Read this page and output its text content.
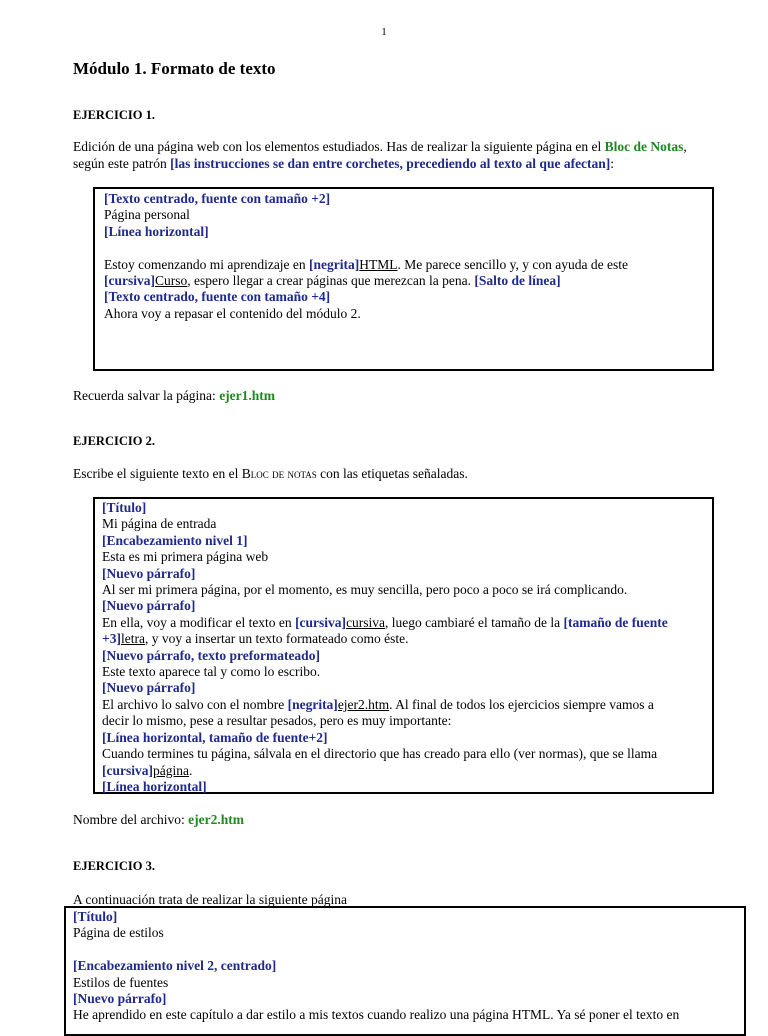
1
Módulo 1. Formato de texto
EJERCICIO 1.

Edición de una página web con los elementos estudiados. Has de realizar la siguiente página en el Bloc de Notas,
según este patrón [las instrucciones se dan entre corchetes, precediendo al texto al que afectan]:

[Texto centrado, fuente con tamaño +2]
Página personal
[Línea horizontal]
Estoy comenzando mi aprendizaje en [negrita]HTML. Me parece sencillo y, y con ayuda de este
[cursiva]Curso, espero llegar a crear páginas que merezcan la pena. [Salto de línea]
[Texto centrado, fuente con tamaño +4]
Ahora voy a repasar el contenido del módulo 2.

Recuerda salvar la página: ejer1.htm

EJERCICIO 2.

Escribe el siguiente texto en el Bloc de notas con las etiquetas señaladas.

[Título]
Mi página de entrada
[Encabezamiento nivel 1]
Esta es mi primera página web
[Nuevo párrafo]
Al ser mi primera página, por el momento, es muy sencilla, pero poco a poco se irá complicando.
[Nuevo párrafo]
En ella, voy a modificar el texto en [cursiva]cursiva, luego cambiaré el tamaño de la [tamaño de fuente
+3]letra, y voy a insertar un texto formateado como éste.
[Nuevo párrafo, texto preformateado]
Este texto aparece tal y como lo escribo.
[Nuevo párrafo]
El archivo lo salvo con el nombre [negrita]ejer2.htm. Al final de todos los ejercicios siempre vamos a
decir lo mismo, pese a resultar pesados, pero es muy importante:
[Línea horizontal, tamaño de fuente+2]
Cuando termines tu página, sálvala en el directorio que has creado para ello (ver normas), que se llama
[cursiva]página.
[Línea horizontal]

Nombre del archivo: ejer2.htm

EJERCICIO 3.

A continuación trata de realizar la siguiente página

[Título]
Página de estilos
[Encabezamiento nivel 2, centrado]
Estilos de fuentes
[Nuevo párrafo]
He aprendido en este capítulo a dar estilo a mis textos cuando realizo una página HTML. Ya sé poner el texto en
